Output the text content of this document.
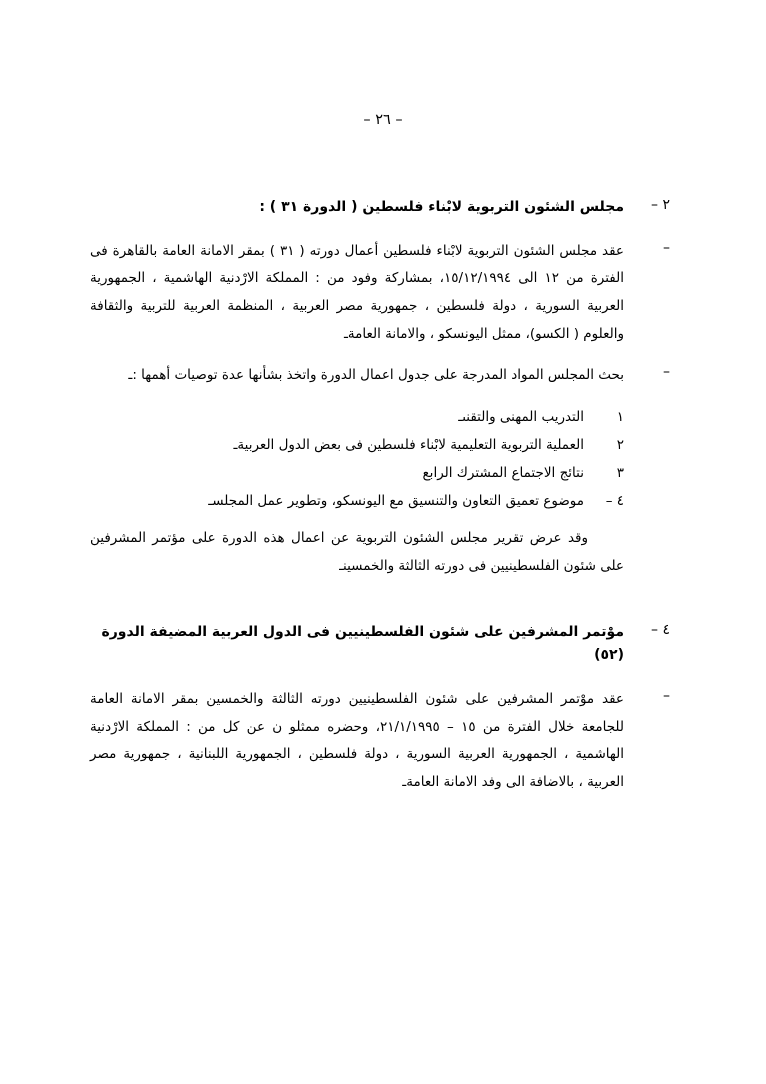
– ٢٦ –
٢ –
مجلس الشئون التربوية لابْناء فلسطين ( الدورة ٣١ ) :
–
عقد مجلس الشئون التربوية لابْناء فلسطين أعمال دورته ( ٣١ ) بمقر الامانة العامة بالقاهرة فى الفترة من ١٢ الى ١٥/١٢/١٩٩٤، بمشاركة وفود من : المملكة الارْدنية الهاشمية ، الجمهورية العربية السورية ، دولة فلسطين ، جمهورية مصر العربية ، المنظمة العربية للتربية والثقافة والعلوم ( الكسو)، ممثل اليونسكو ، والامانة العامةـ
–
بحث المجلس المواد المدرجة على جدول اعمال الدورة واتخذ بشأنها عدة توصيات أهمها :ـ
١
التدريب المهنى والتقنىـ
٢
العملية التربوية التعليمية لابْناء فلسطين فى بعض الدول العربيةـ
٣
نتائج الاجتماع المشترك الرابع
٤ –
موضوع تعميق التعاون والتنسيق مع اليونسكو، وتطوير عمل المجلسـ
وقد عرض تقرير مجلس الشئون التربوية عن اعمال هذه الدورة على مؤتمر المشرفين على شئون الفلسطينيين فى دورته الثالثة والخمسينـ
٤ –
موْتمر المشرفين على شئون الفلسطينيين فى الدول العربية المضيفة الدورة (٥٢)
–
عقد موْتمر المشرفين على شئون الفلسطينيين دورته الثالثة والخمسين بمقر الامانة العامة للجامعة خلال الفترة من ١٥ – ٢١/١/١٩٩٥، وحضره ممثلو ن عن كل من : المملكة الارْدنية الهاشمية ، الجمهورية العربية السورية ، دولة فلسطين ، الجمهورية اللبنانية ، جمهورية مصر العربية ، بالاضافة الى وفد الامانة العامةـ
